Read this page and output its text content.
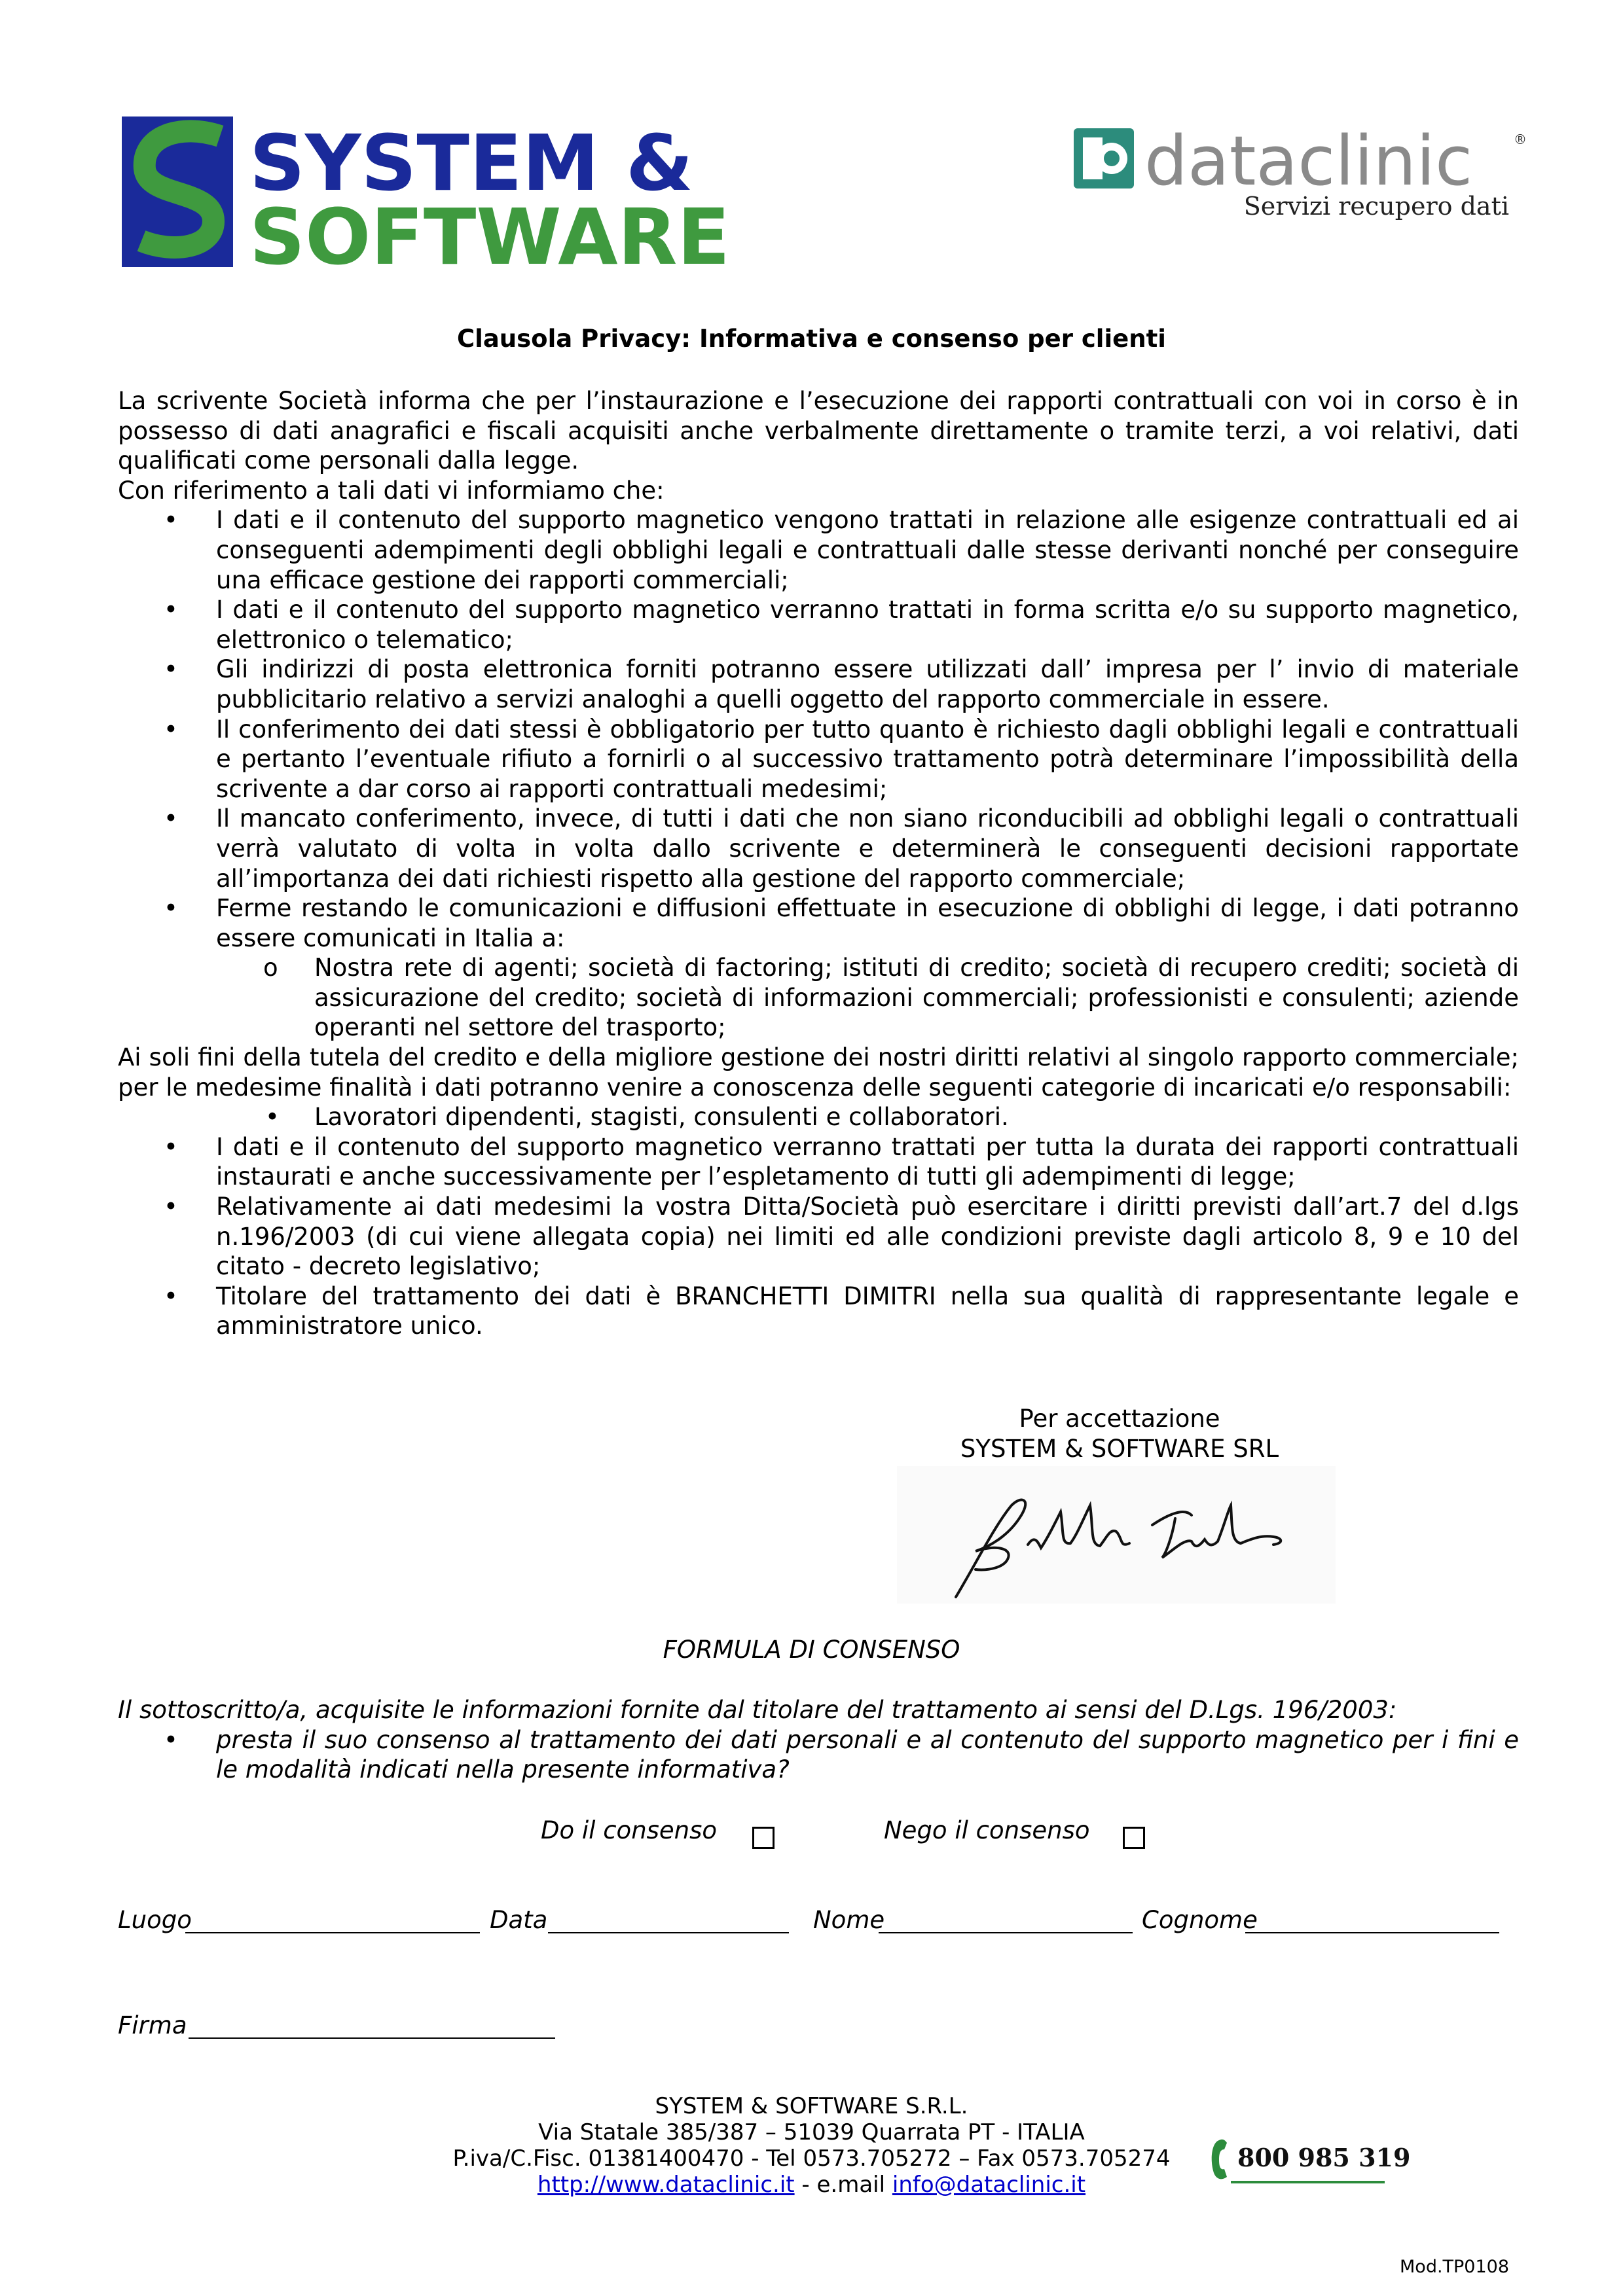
SYSTEM &
SOFTWARE
dataclinic	®
Servizi recupero dati
Clausola Privacy: Informativa e consenso per clienti

La scrivente Società informa che per l’instaurazione e l’esecuzione dei rapporti contrattuali con voi in corso è in possesso di dati anagrafici e fiscali acquisiti anche verbalmente direttamente o tramite terzi, a voi relativi, dati qualificati come personali dalla legge.

Con riferimento a tali dati vi informiamo che:

• I dati e il contenuto del supporto magnetico vengono trattati in relazione alle esigenze contrattuali ed ai conseguenti adempimenti degli obblighi legali e contrattuali dalle stesse derivanti nonché per conseguire una efficace gestione dei rapporti commerciali;
• I dati e il contenuto del supporto magnetico verranno trattati in forma scritta e/o su supporto magnetico, elettronico o telematico;
• Gli indirizzi di posta elettronica forniti potranno essere utilizzati dall’ impresa per l’ invio di materiale pubblicitario relativo a servizi analoghi a quelli oggetto del rapporto commerciale in essere.
• Il conferimento dei dati stessi è obbligatorio per tutto quanto è richiesto dagli obblighi legali e contrattuali e pertanto l’eventuale rifiuto a fornirli o al successivo trattamento potrà determinare l’impossibilità della scrivente a dar corso ai rapporti contrattuali medesimi;
• Il mancato conferimento, invece, di tutti i dati che non siano riconducibili ad obblighi legali o contrattuali verrà valutato di volta in volta dallo scrivente e determinerà le conseguenti decisioni rapportate all’importanza dei dati richiesti rispetto alla gestione del rapporto commerciale;
• Ferme restando le comunicazioni e diffusioni effettuate in esecuzione di obblighi di legge, i dati potranno essere comunicati in Italia a:
o Nostra rete di agenti; società di factoring; istituti di credito; società di recupero crediti; società di assicurazione del credito; società di informazioni commerciali; professionisti e consulenti; aziende operanti nel settore del trasporto;

Ai soli fini della tutela del credito e della migliore gestione dei nostri diritti relativi al singolo rapporto commerciale; per le medesime finalità i dati potranno venire a conoscenza delle seguenti categorie di incaricati e/o responsabili:

• Lavoratori dipendenti, stagisti, consulenti e collaboratori.
• I dati e il contenuto del supporto magnetico verranno trattati per tutta la durata dei rapporti contrattuali instaurati e anche successivamente per l’espletamento di tutti gli adempimenti di legge;
• Relativamente ai dati medesimi la vostra Ditta/Società può esercitare i diritti previsti dall’art.7 del d.lgs n.196/2003 (di cui viene allegata copia) nei limiti ed alle condizioni previste dagli articolo 8, 9 e 10 del citato - decreto legislativo;
• Titolare del trattamento dei dati è BRANCHETTI DIMITRI nella sua qualità di rappresentante legale e amministratore unico.
Per accettazione
SYSTEM & SOFTWARE SRL
FORMULA DI CONSENSO
Il sottoscritto/a, acquisite le informazioni fornite dal titolare del trattamento ai sensi del D.Lgs. 196/2003:
• presta il suo consenso al trattamento dei dati personali e al contenuto del supporto magnetico per i fini e le modalità indicati nella presente informativa?
Do il consenso	Nego il consenso
Luogo	Data	Nome	Cognome
Firma
SYSTEM & SOFTWARE S.R.L.
Via Statale 385/387 – 51039 Quarrata PT - ITALIA
P.iva/C.Fisc. 01381400470 - Tel 0573.705272 – Fax 0573.705274
http://www.dataclinic.it - e.mail info@dataclinic.it
800 985 319
Mod.TP0108
